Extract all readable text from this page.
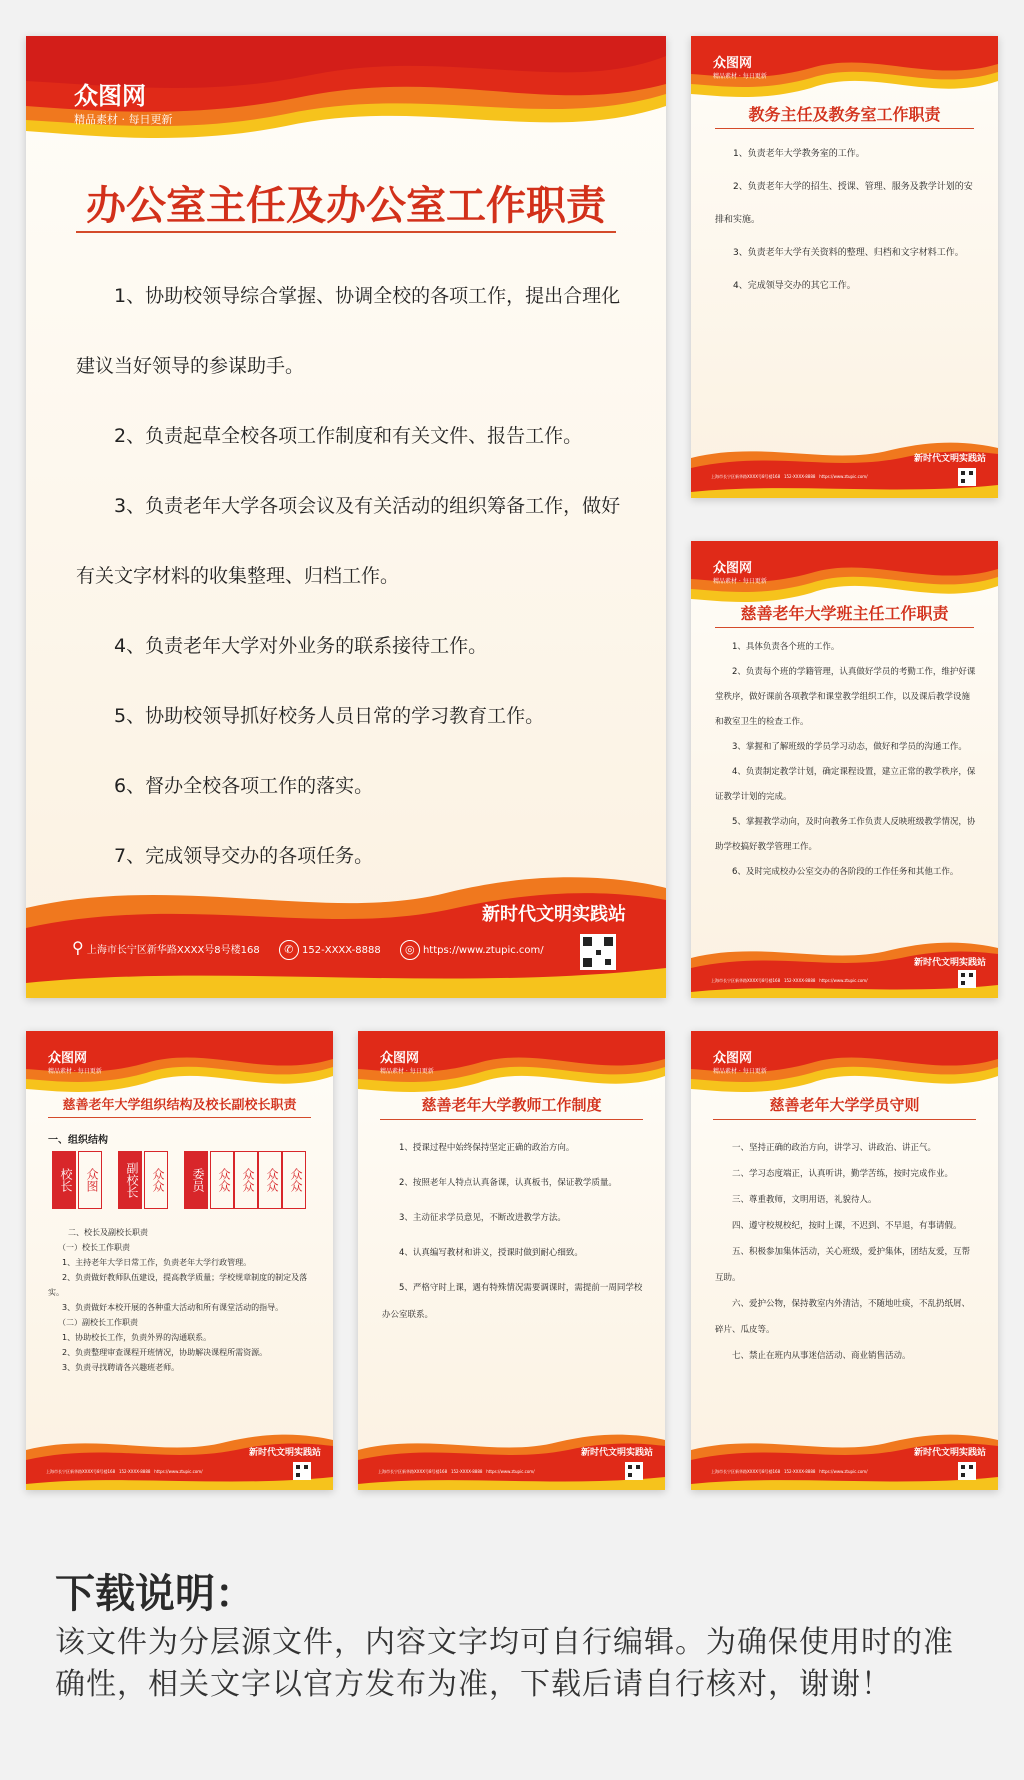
众图网
精品素材 · 每日更新
办公室主任及办公室工作职责
1、协助校领导综合掌握、协调全校的各项工作，提出合理化建议当好领导的参谋助手。
2、负责起草全校各项工作制度和有关文件、报告工作。
3、负责老年大学各项会议及有关活动的组织筹备工作，做好有关文字材料的收集整理、归档工作。
4、负责老年大学对外业务的联系接待工作。
5、协助校领导抓好校务人员日常的学习教育工作。
6、督办全校各项工作的落实。
7、完成领导交办的各项任务。
新时代文明实践站
⚲ 上海市长宁区新华路XXXX号8号楼168 ✆ 152-XXXX-8888 ◎ https://www.ztupic.com/
众图网
精品素材 · 每日更新
教务主任及教务室工作职责
1、负责老年大学教务室的工作。
2、负责老年大学的招生、授课、管理、服务及教学计划的安排和实施。
3、负责老年大学有关资料的整理、归档和文字材料工作。
4、完成领导交办的其它工作。
新时代文明实践站
上海市长宁区新华路XXXX号8号楼168 152-XXXX-8888 https://www.ztupic.com/
众图网
精品素材 · 每日更新
慈善老年大学班主任工作职责
1、具体负责各个班的工作。
2、负责每个班的学籍管理，认真做好学员的考勤工作，维护好课堂秩序，做好课前各项教学和课堂教学组织工作，以及课后教学设施和教室卫生的检查工作。
3、掌握和了解班级的学员学习动态，做好和学员的沟通工作。
4、负责制定教学计划，确定课程设置，建立正常的教学秩序，保证教学计划的完成。
5、掌握教学动向，及时向教务工作负责人反映班级教学情况，协助学校搞好教学管理工作。
6、及时完成校办公室交办的各阶段的工作任务和其他工作。
新时代文明实践站
上海市长宁区新华路XXXX号8号楼168 152-XXXX-8888 https://www.ztupic.com/
众图网
精品素材 · 每日更新
慈善老年大学组织结构及校长副校长职责
一、组织结构
校长	众图	副校长	众众	委员	众众 众众 众众 众众
二、校长及副校长职责
（一）校长工作职责
1、主持老年大学日常工作，负责老年大学行政管理。
2、负责做好教师队伍建设，提高教学质量；学校规章制度的制定及落实。
3、负责做好本校开展的各种重大活动和所有课堂活动的指导。
（二）副校长工作职责
1、协助校长工作，负责外界的沟通联系。
2、负责整理审查课程开班情况，协助解决课程所需资源。
3、负责寻找聘请各兴趣班老师。
新时代文明实践站
上海市长宁区新华路XXXX号8号楼168 152-XXXX-8888 https://www.ztupic.com/
众图网
精品素材 · 每日更新
慈善老年大学教师工作制度
1、授课过程中始终保持坚定正确的政治方向。
2、按照老年人特点认真备课，认真板书，保证教学质量。
3、主动征求学员意见，不断改进教学方法。
4、认真编写教材和讲义，授课时做到耐心细致。
5、严格守时上课，遇有特殊情况需要调课时，需提前一周同学校办公室联系。
新时代文明实践站
上海市长宁区新华路XXXX号8号楼168 152-XXXX-8888 https://www.ztupic.com/
众图网
精品素材 · 每日更新
慈善老年大学学员守则
一、坚持正确的政治方向，讲学习、讲政治、讲正气。
二、学习态度端正，认真听讲，勤学苦练，按时完成作业。
三、尊重教师，文明用语，礼貌待人。
四、遵守校规校纪，按时上课，不迟到、不早退，有事请假。
五、积极参加集体活动，关心班级，爱护集体，团结友爱，互帮互助。
六、爱护公物，保持教室内外清洁，不随地吐痰，不乱扔纸屑、碎片、瓜皮等。
七、禁止在班内从事迷信活动、商业销售活动。
新时代文明实践站
上海市长宁区新华路XXXX号8号楼168 152-XXXX-8888 https://www.ztupic.com/
下载说明：
该文件为分层源文件，内容文字均可自行编辑。为确保使用时的准确性，相关文字以官方发布为准，下载后请自行核对，谢谢！
